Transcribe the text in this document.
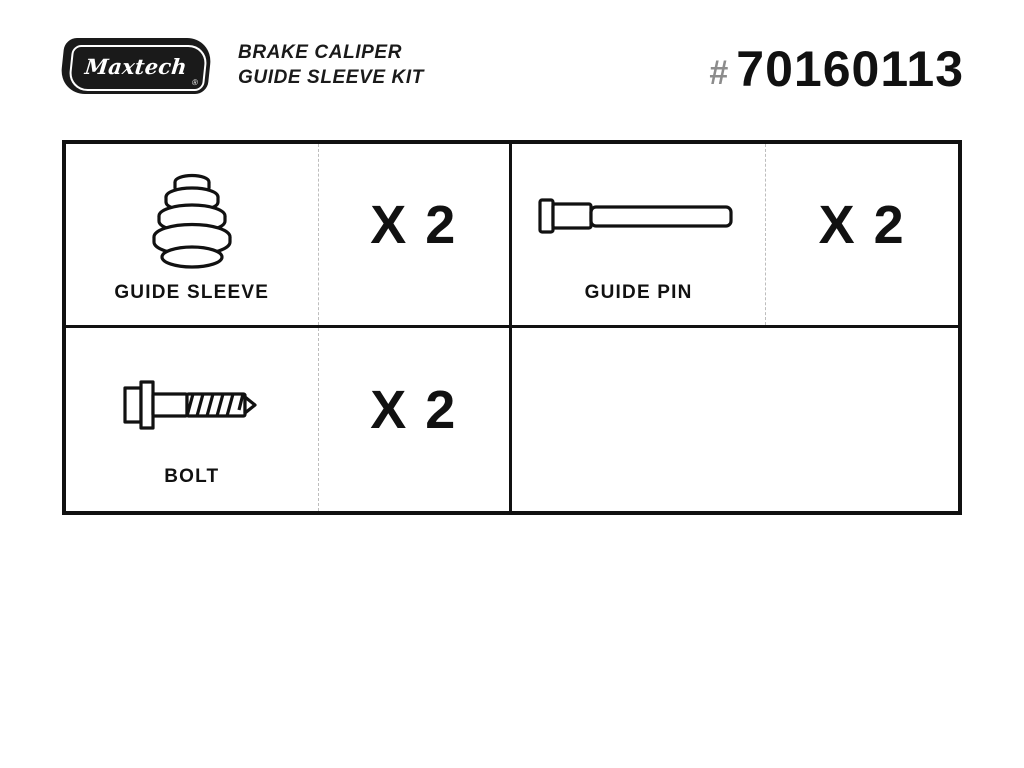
Maxtech
®
BRAKE CALIPER
GUIDE SLEEVE KIT	# 70160113
GUIDE SLEEVE
X 2
GUIDE PIN
X 2
BOLT
X 2
